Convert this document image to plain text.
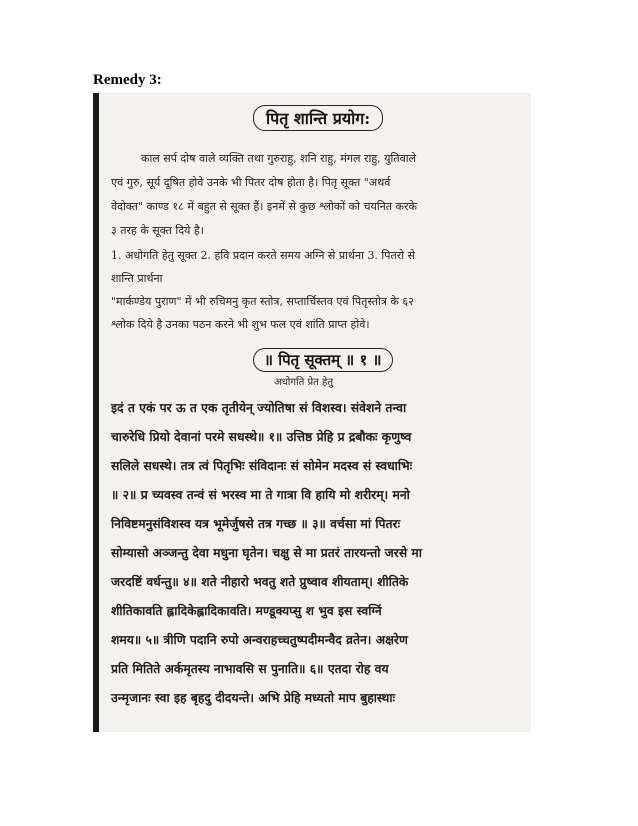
Remedy 3:
पितृ शान्ति प्रयोग:
काल सर्प दोष वाले व्यक्ति तथा गुरुराहु, शनि राहु, मंगल राहु, युतिवाले
एवं गुरु, सूर्य दूषित होवे उनके भी पितर दोष होता है। पितृ सूक्त "अथर्व
वेदोक्त" काण्ड १८ में बहुत से सूक्त हैं। इनमें से कुछ श्लोकों को चयनित करके
३ तरह के सूक्त दिये है।
1. अधोगति हेतु सूक्त 2. हवि प्रदान करते समय अग्नि से प्रार्थना 3. पितरो से
शान्ति प्रार्थना
"मार्कण्डेय पुराण" में भी रुचिमनु कृत स्तोत्र, सप्तार्चिस्तव एवं पितृस्तोत्र के ६२
श्लोक दिये है उनका पठन करने भी शुभ फल एवं शांति प्राप्त होवे।
॥ पितृ सूक्तम् ॥ १ ॥
अधोगति प्रेत हेतु
इदं त एकं पर ऊ त एक तृतीयेन् ज्योतिषा सं विशस्व। संवेशने तन्वा
चारुरेधि प्रियो देवानां परमे सधस्थे॥ १॥ उत्तिष्ठ प्रेहि प्र द्रबौकः कृणुष्व
सलिले सधस्थे। तत्र त्वं पितृभिः संविदानः सं सोमेन मदस्व सं स्वधाभिः
॥ २॥ प्र च्यवस्व तन्वं सं भरस्व मा ते गात्रा वि हायि मो शरीरम्। मनो
निविष्टमनुसंविशस्व यत्र भूमेर्जुषसे तत्र गच्छ ॥ ३॥ वर्चसा मां पितरः
सोम्यासो अञ्जन्तु देवा मधुना घृतेन। चक्षु से मा प्रतरं तारयन्तो जरसे मा
जरदष्टिं वर्धन्तु॥ ४॥ शते नीहारो भवतु शते प्रुष्वाव शीयताम्। शीतिके
शीतिकावति ह्लादिकेह्लादिकावति। मण्डूक्यप्सु श भुव इस स्वग्निं
शमय॥ ५॥ त्रीणि पदानि रुपो अन्वराहच्चतुष्पदीमन्वैद व्रतेन। अक्षरेण
प्रति मितिते अर्कमृतस्य नाभावसि स पुनाति॥ ६॥ एतदा रोह वय
उन्मृजानः स्वा इह बृहदु दीदयन्ते। अभि प्रेहि मध्यतो माप बुहास्थाः
